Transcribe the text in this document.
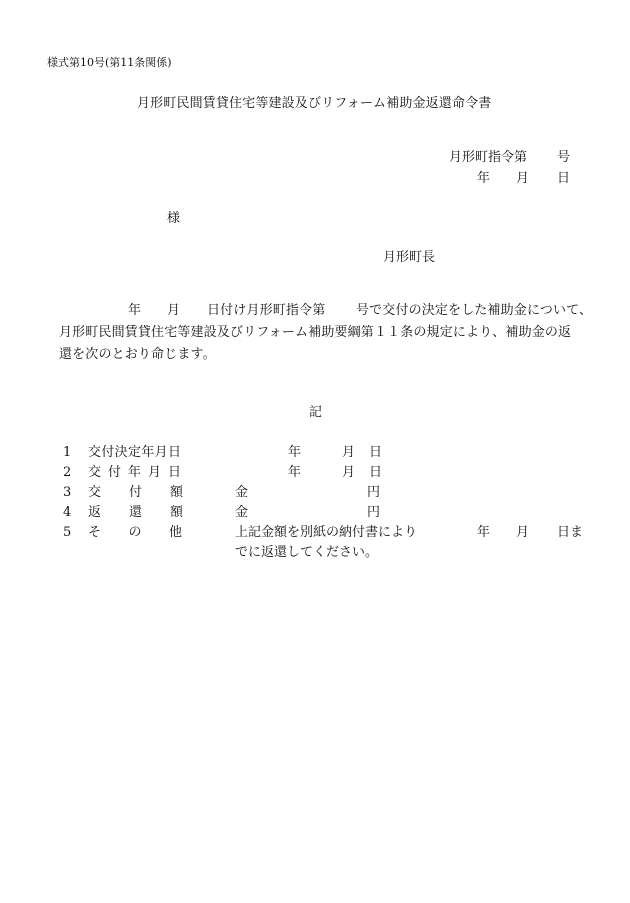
様式第10号(第11条関係)
月形町民間賃貸住宅等建設及びリフォーム補助金返還命令書
月形町指令第 号
年 月 日
様
月形町長
年 月 日付け月形町指令第 号で交付の決定をした補助金について、
月形町民間賃貸住宅等建設及びリフォーム補助要綱第１１条の規定により、補助金の返
還を次のとおり命じます。
記
1 交 付 決 定 年 月 日	年	月 日
2 交 付 年 月 日	年	月 日
3 交
　　 付
　　 額	金	円
4 返
　　 還
　　 額	金	円
5 そ
　　 の
　　 他	上記金額を別紙の納付書により	年 月 日ま
でに返還してください。
